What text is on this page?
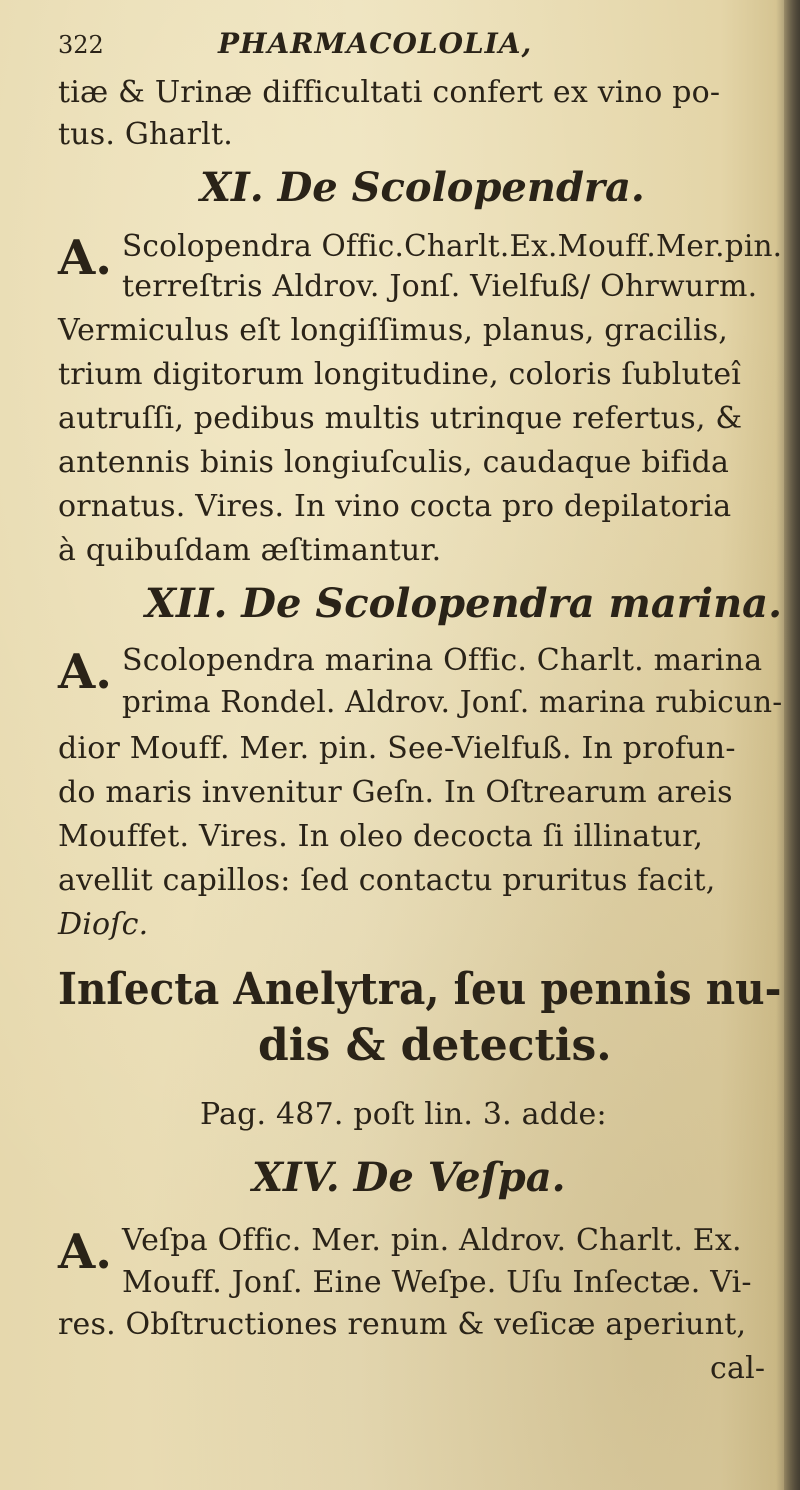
322	PHARMACOLOLIA,
tiæ & Urinæ difficultati confert ex vino po-
tus. Gharlt.
XI. De Scolopendra.
A. Scolopendra Offic.Charlt.Ex.Mouff.Mer.pin.
terreſtris Aldrov. Jonſ. Vielfuß/ Ohrwurm.
Vermiculus eſt longiſſimus, planus, gracilis,
trium digitorum longitudine, coloris ſubluteî
autruſſi, pedibus multis utrinque refertus, &
antennis binis longiuſculis, caudaque bifida
ornatus. Vires. In vino cocta pro depilatoria
à quibuſdam æſtimantur.
XII. De Scolopendra marina.
A. Scolopendra marina Offic. Charlt. marina
prima Rondel. Aldrov. Jonſ. marina rubicun-
dior Mouff. Mer. pin. See-Vielfuß. In profun-
do maris invenitur Geſn. In Oſtrearum areis
Mouffet. Vires. In oleo decocta ſi illinatur,
avellit capillos: ſed contactu pruritus facit,
Dioſc.
Inſecta Anelytra, ſeu pennis nu-
dis & detectis.
Pag. 487. poſt lin. 3. adde:
XIV. De Veſpa.
A. Veſpa Offic. Mer. pin. Aldrov. Charlt. Ex.
Mouff. Jonſ. Eine Weſpe. Uſu Inſectæ. Vi-
res. Obſtructiones renum & veſicæ aperiunt,
cal-
